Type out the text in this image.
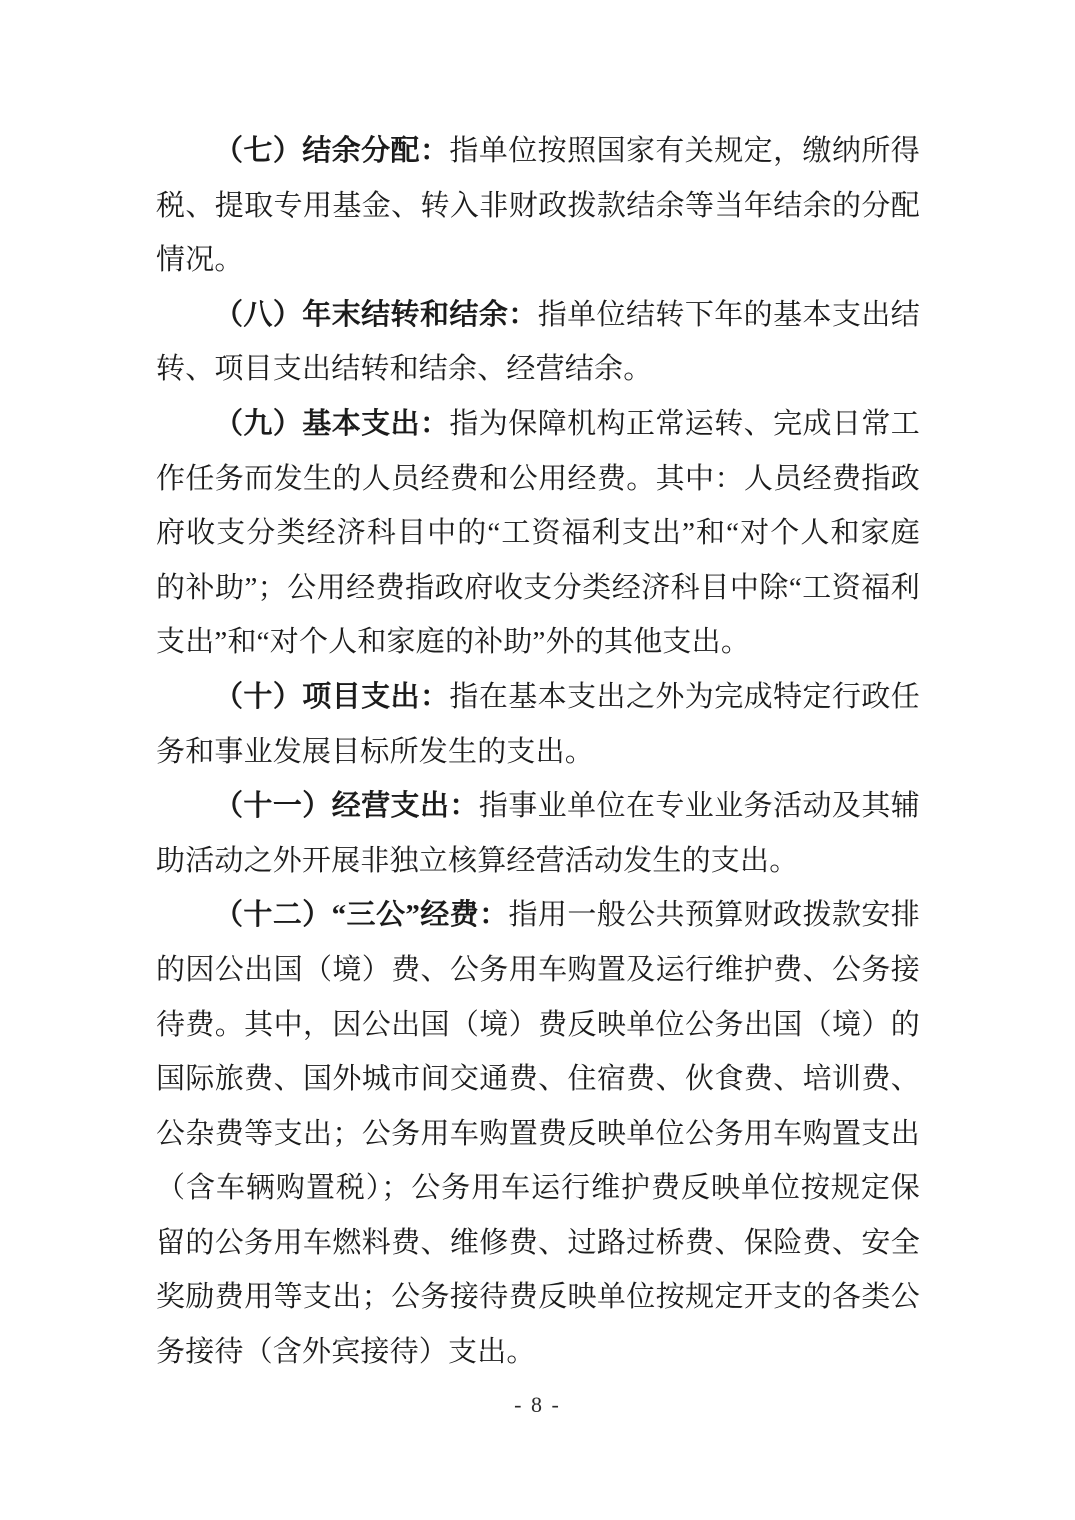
（七）结余分配：指单位按照国家有关规定，缴纳所得税、提取专用基金、转入非财政拨款结余等当年结余的分配情况。

（八）年末结转和结余：指单位结转下年的基本支出结转、项目支出结转和结余、经营结余。

（九）基本支出：指为保障机构正常运转、完成日常工作任务而发生的人员经费和公用经费。其中：人员经费指政府收支分类经济科目中的“工资福利支出”和“对个人和家庭的补助”；公用经费指政府收支分类经济科目中除“工资福利支出”和“对个人和家庭的补助”外的其他支出。

（十）项目支出：指在基本支出之外为完成特定行政任务和事业发展目标所发生的支出。

（十一）经营支出：指事业单位在专业业务活动及其辅助活动之外开展非独立核算经营活动发生的支出。

（十二）“三公”经费：指用一般公共预算财政拨款安排的因公出国（境）费、公务用车购置及运行维护费、公务接待费。其中，因公出国（境）费反映单位公务出国（境）的国际旅费、国外城市间交通费、住宿费、伙食费、培训费、公杂费等支出；公务用车购置费反映单位公务用车购置支出（含车辆购置税）；公务用车运行维护费反映单位按规定保留的公务用车燃料费、维修费、过路过桥费、保险费、安全奖励费用等支出；公务接待费反映单位按规定开支的各类公务接待（含外宾接待）支出。

- 8 -
